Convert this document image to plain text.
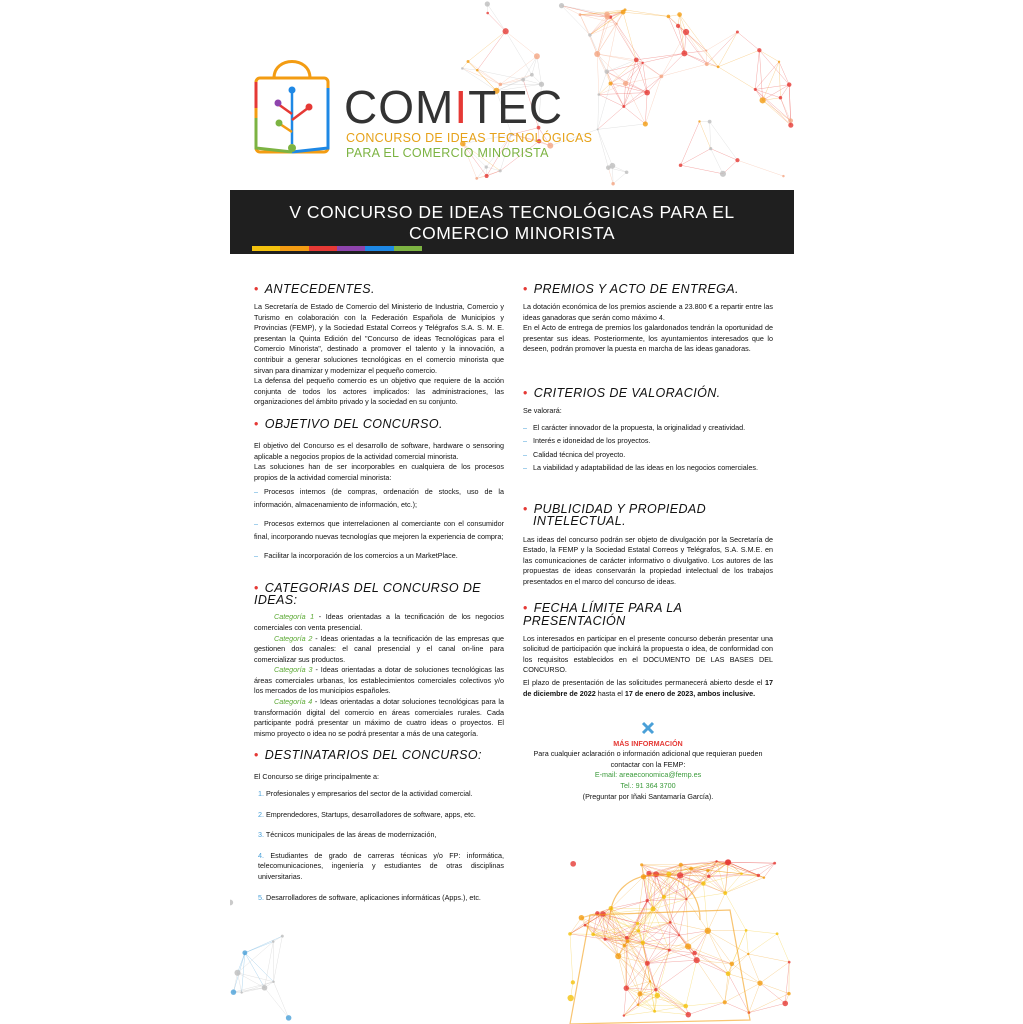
COMITEC
CONCURSO DE IDEAS TECNOLÓGICAS
PARA EL COMERCIO MINORISTA
V CONCURSO DE IDEAS TECNOLÓGICAS PARA EL
COMERCIO MINORISTA
• ANTECEDENTES.

La Secretaría de Estado de Comercio del Ministerio de Industria, Comercio y Turismo en colaboración con la Federación Española de Municipios y Provincias (FEMP), y la Sociedad Estatal Correos y Telégrafos S.A. S. M. E. presentan la Quinta Edición del "Concurso de ideas Tecnológicas para el Comercio Minorista", destinado a promover el talento y la innovación, a contribuir a generar soluciones tecnológicas en el comercio minorista que sirvan para dinamizar y modernizar el pequeño comercio.

La defensa del pequeño comercio es un objetivo que requiere de la acción conjunta de todos los actores implicados: las administraciones, las organizaciones del ámbito privado y la sociedad en su conjunto.

• OBJETIVO DEL CONCURSO.

El objetivo del Concurso es el desarrollo de software, hardware o sensoring aplicable a negocios propios de la actividad comercial minorista.

Las soluciones han de ser incorporables en cualquiera de los procesos propios de la actividad comercial minorista:

– Procesos internos (de compras, ordenación de stocks, uso de la información, almacenamiento de información, etc.);

– Procesos externos que interrelacionen al comerciante con el consumidor final, incorporando nuevas tecnologías que mejoren la experiencia de compra;

– Facilitar la incorporación de los comercios a un MarketPlace.

• CATEGORIAS DEL CONCURSO DE IDEAS:

Categoría 1 - Ideas orientadas a la tecnificación de los negocios comerciales con venta presencial.

Categoría 2 - Ideas orientadas a la tecnificación de las empresas que gestionen dos canales: el canal presencial y el canal on-line para comercializar sus productos.

Categoría 3 - Ideas orientadas a dotar de soluciones tecnológicas las áreas comerciales urbanas, los establecimientos comerciales colectivos y/o los mercados de los municipios españoles.

Categoría 4 - Ideas orientadas a dotar soluciones tecnológicas para la transformación digital del comercio en áreas comerciales rurales. Cada participante podrá presentar un máximo de cuatro ideas o proyectos. El mismo proyecto o idea no se podrá presentar a más de una categoría.

• DESTINATARIOS DEL CONCURSO:

El Concurso se dirige principalmente a:

1. Profesionales y empresarios del sector de la actividad comercial.

2. Emprendedores, Startups, desarrolladores de software, apps, etc.

3. Técnicos municipales de las áreas de modernización,

4. Estudiantes de grado de carreras técnicas y/o FP: informática, telecomunicaciones, ingeniería y estudiantes de otras disciplinas universitarias.

5. Desarrolladores de software, aplicaciones informáticas (Apps.), etc.

• PREMIOS Y ACTO DE ENTREGA.

La dotación económica de los premios asciende a 23.800 € a repartir entre las ideas ganadoras que serán como máximo 4.

En el Acto de entrega de premios los galardonados tendrán la oportunidad de presentar sus ideas. Posteriormente, los ayuntamientos interesados que lo deseen, podrán promover la puesta en marcha de las ideas ganadoras.

• CRITERIOS DE VALORACIÓN.

Se valorará:

– El carácter innovador de la propuesta, la originalidad y creatividad.

– Interés e idoneidad de los proyectos.

– Calidad técnica del proyecto.

– La viabilidad y adaptabilidad de las ideas en los negocios comerciales.

• PUBLICIDAD Y PROPIEDAD
INTELECTUAL.

Las ideas del concurso podrán ser objeto de divulgación por la Secretaría de Estado, la FEMP y la Sociedad Estatal Correos y Telégrafos, S.A. S.M.E. en las comunicaciones de carácter informativo o divulgativo. Los autores de las propuestas de ideas conservarán la propiedad intelectual de los trabajos presentados en el marco del concurso de ideas.

• FECHA LÍMITE PARA LA PRESENTACIÓN

Los interesados en participar en el presente concurso deberán presentar una solicitud de participación que incluirá la propuesta o idea, de conformidad con los requisitos establecidos en el DOCUMENTO DE LAS BASES DEL CONCURSO.

El plazo de presentación de las solicitudes permanecerá abierto desde el 17 de diciembre de 2022 hasta el 17 de enero de 2023, ambos inclusive.

MÁS INFORMACIÓN
Para cualquier aclaración o información adicional que requieran pueden contactar con la FEMP:
E-mail: areaeconomica@femp.es
Tel.: 91 364 3700
(Preguntar por Iñaki Santamaría García).
